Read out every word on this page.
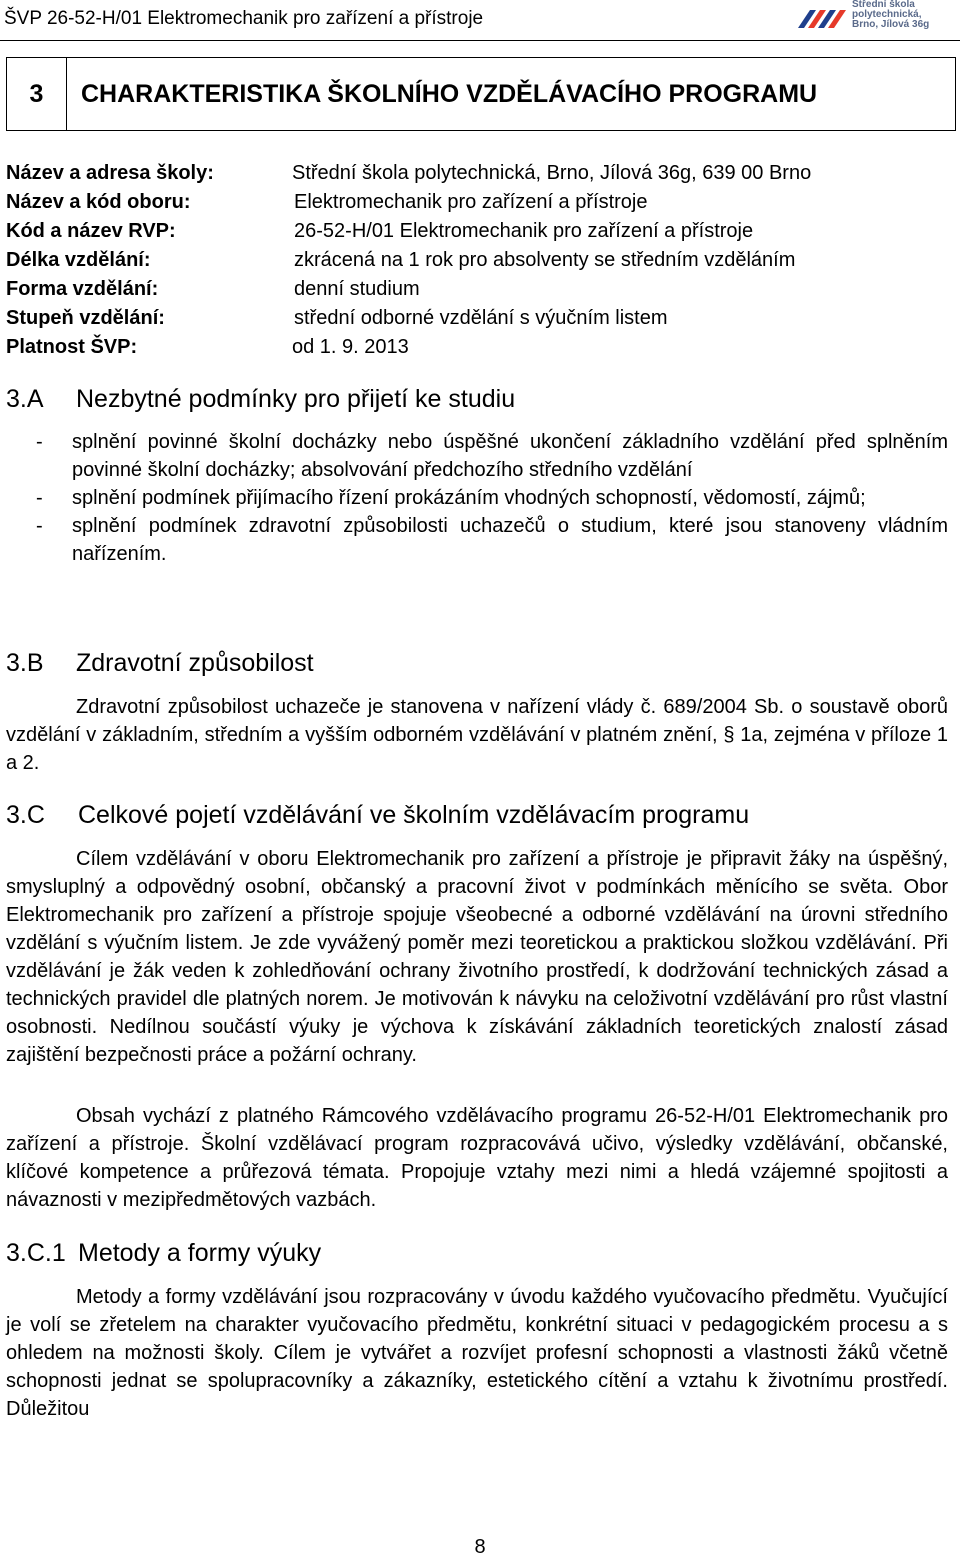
ŠVP 26-52-H/01 Elektromechanik pro zařízení a přístroje
Střední škola
polytechnická,
Brno, Jílová 36g
3	CHARAKTERISTIKA ŠKOLNÍHO VZDĚLÁVACÍHO PROGRAMU
Název a adresa školy:	Střední škola polytechnická, Brno, Jílová 36g, 639 00 Brno
Název a kód oboru:	Elektromechanik pro zařízení a přístroje
Kód a název RVP:	26-52-H/01 Elektromechanik pro zařízení a přístroje
Délka vzdělání:	zkrácená na 1 rok pro absolventy se středním vzděláním
Forma vzdělání:	denní studium
Stupeň vzdělání:	střední odborné vzdělání s výučním listem
Platnost ŠVP:	od 1. 9. 2013
3.A Nezbytné podmínky pro přijetí ke studiu
- splnění povinné školní docházky nebo úspěšné ukončení základního vzdělání před splněním povinné školní docházky; absolvování předchozího středního vzdělání
- splnění podmínek přijímacího řízení prokázáním vhodných schopností, vědomostí, zájmů;
- splnění podmínek zdravotní způsobilosti uchazečů o studium, které jsou stanoveny vládním nařízením.
3.B Zdravotní způsobilost
Zdravotní způsobilost uchazeče je stanovena v nařízení vlády č. 689/2004 Sb. o soustavě oborů vzdělání v základním, středním a vyšším odborném vzdělávání v platném znění, § 1a, zejména v příloze 1 a 2.
3.C Celkové pojetí vzdělávání ve školním vzdělávacím programu
Cílem vzdělávání v oboru Elektromechanik pro zařízení a přístroje je připravit žáky na úspěšný, smysluplný a odpovědný osobní, občanský a pracovní život v podmínkách měnícího se světa. Obor Elektromechanik pro zařízení a přístroje spojuje všeobecné a odborné vzdělávání na úrovni středního vzdělání s výučním listem. Je zde vyvážený poměr mezi teoretickou a praktickou složkou vzdělávání. Při vzdělávání je žák veden k zohledňování ochrany životního prostředí, k dodržování technických zásad a technických pravidel dle platných norem. Je motivován k návyku na celoživotní vzdělávání pro růst vlastní osobnosti. Nedílnou součástí výuky je výchova k získávání základních teoretických znalostí zásad zajištění bezpečnosti práce a požární ochrany.
Obsah vychází z platného Rámcového vzdělávacího programu 26-52-H/01 Elektromechanik pro zařízení a přístroje. Školní vzdělávací program rozpracovává učivo, výsledky vzdělávání, občanské, klíčové kompetence a průřezová témata. Propojuje vztahy mezi nimi a hledá vzájemné spojitosti a návaznosti v mezipředmětových vazbách.
3.C.1 Metody a formy výuky
Metody a formy vzdělávání jsou rozpracovány v úvodu každého vyučovacího předmětu. Vyučující je volí se zřetelem na charakter vyučovacího předmětu, konkrétní situaci v pedagogickém procesu a s ohledem na možnosti školy. Cílem je vytvářet a rozvíjet profesní schopnosti a vlastnosti žáků včetně schopnosti jednat se spolupracovníky a zákazníky, estetického cítění a vztahu k životnímu prostředí. Důležitou
8
